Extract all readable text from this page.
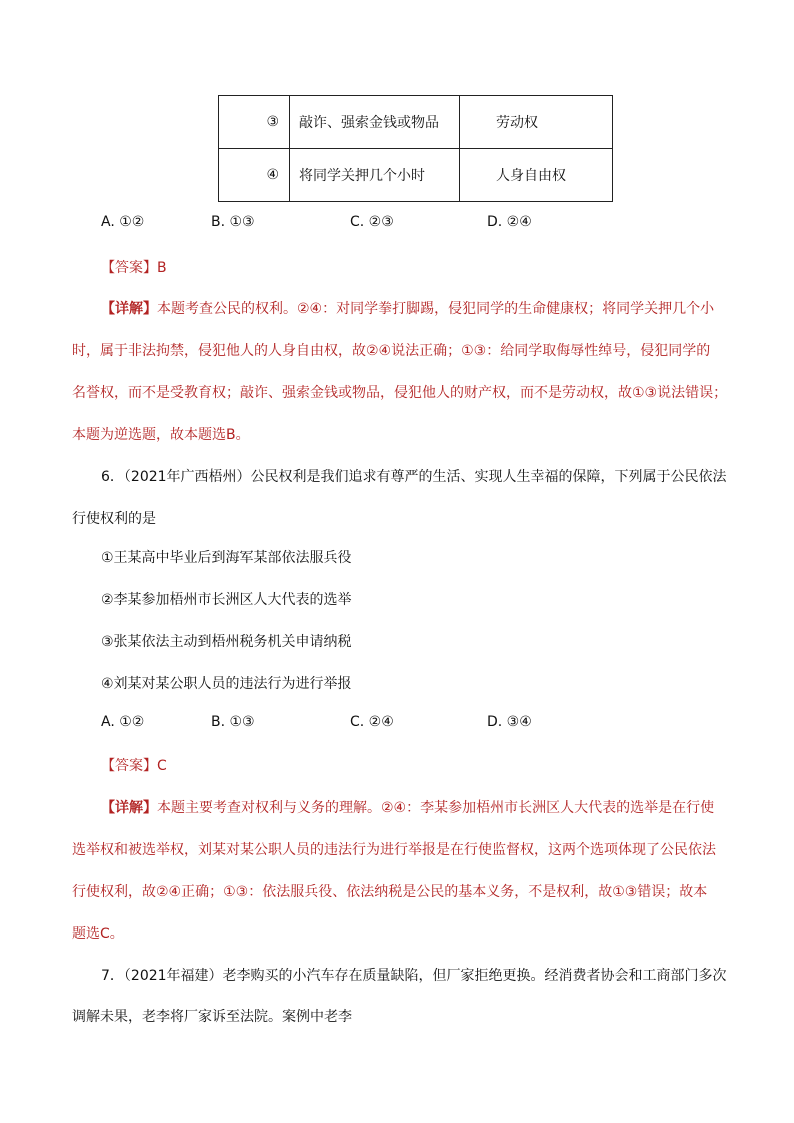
③	敲诈、强索金钱或物品	劳动权
④	将同学关押几个小时	人身自由权
A. ①②	B. ①③	C. ②③	D. ②④
【答案】B
【详解】本题考查公民的权利。②④：对同学拳打脚踢，侵犯同学的生命健康权；将同学关押几个小
时，属于非法拘禁，侵犯他人的人身自由权，故②④说法正确；①③：给同学取侮辱性绰号，侵犯同学的
名誉权，而不是受教育权；敲诈、强索金钱或物品，侵犯他人的财产权，而不是劳动权，故①③说法错误；
本题为逆选题，故本题选B。
6．（2021年广西梧州）公民权利是我们追求有尊严的生活、实现人生幸福的保障，下列属于公民依法
行使权利的是
①王某高中毕业后到海军某部依法服兵役
②李某参加梧州市长洲区人大代表的选举
③张某依法主动到梧州税务机关申请纳税
④刘某对某公职人员的违法行为进行举报
A. ①②	B. ①③	C. ②④	D. ③④
【答案】C
【详解】本题主要考查对权利与义务的理解。②④：李某参加梧州市长洲区人大代表的选举是在行使
选举权和被选举权，刘某对某公职人员的违法行为进行举报是在行使监督权，这两个选项体现了公民依法
行使权利，故②④正确；①③：依法服兵役、依法纳税是公民的基本义务，不是权利，故①③错误；故本
题选C。
7．（2021年福建）老李购买的小汽车存在质量缺陷，但厂家拒绝更换。经消费者协会和工商部门多次
调解未果，老李将厂家诉至法院。案例中老李
